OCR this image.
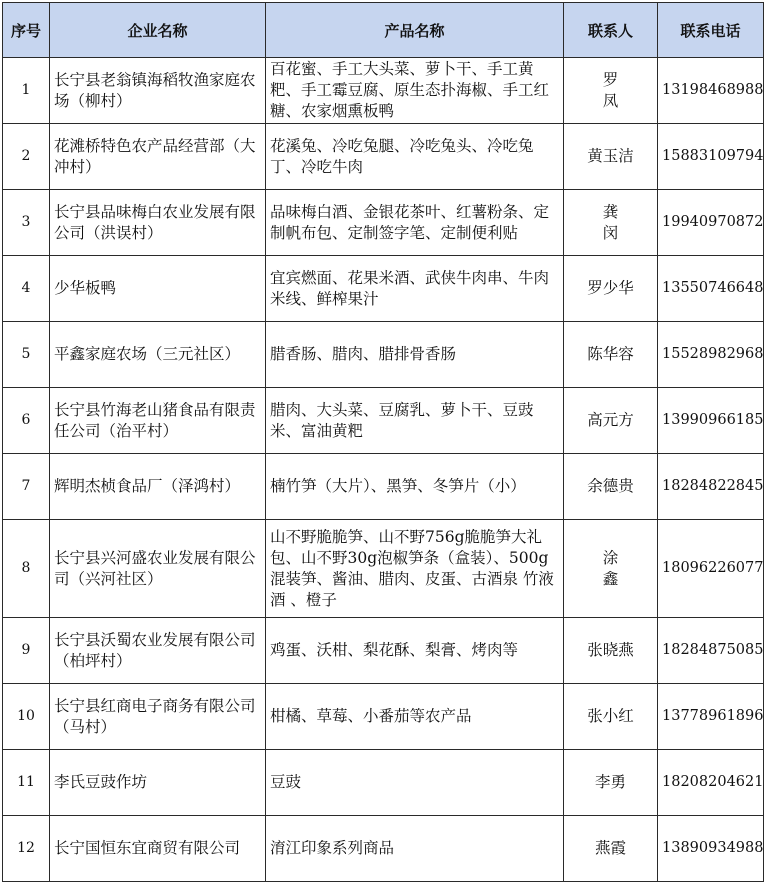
序号	企业名称	产品名称	联系人	联系电话
1	长宁县老翁镇海稻牧渔家庭农场（柳村）	百花蜜、手工大头菜、萝卜干、手工黄粑、手工霉豆腐、原生态扑海椒、手工红糖、农家烟熏板鸭	罗 凤	13198468988
2	花滩桥特色农产品经营部（大冲村）	花溪兔、冷吃兔腿、冷吃兔头、冷吃兔丁、冷吃牛肉	黄玉洁	15883109794
3	长宁县品味梅白农业发展有限公司（洪误村）	品味梅白酒、金银花茶叶、红薯粉条、定制帆布包、定制签字笔、定制便利贴	龚 闵	19940970872
4	少华板鸭	宜宾燃面、花果米酒、武侠牛肉串、牛肉米线、鲜榨果汁	罗少华	13550746648
5	平鑫家庭农场（三元社区）	腊香肠、腊肉、腊排骨香肠	陈华容	15528982968
6	长宁县竹海老山猪食品有限责任公司（治平村）	腊肉、大头菜、豆腐乳、萝卜干、豆豉米、富油黄粑	高元方	13990966185
7	辉明杰桢食品厂（泽鸿村）	楠竹笋（大片）、黑笋、冬笋片（小）	余德贵	18284822845
8	长宁县兴河盛农业发展有限公司（兴河社区）	山不野脆脆笋、山不野756g脆脆笋大礼包、山不野30g泡椒笋条（盒装）、500g混装笋、酱油、腊肉、皮蛋、古酒泉 竹液酒 、橙子	涂 鑫	18096226077
9	长宁县沃蜀农业发展有限公司（柏坪村）	鸡蛋、沃柑、梨花酥、梨膏、烤肉等	张晓燕	18284875085
10	长宁县红商电子商务有限公司（马村）	柑橘、草莓、小番茄等农产品	张小红	13778961896
11	李氏豆豉作坊	豆豉	李勇	18208204621
12	长宁国恒东宜商贸有限公司	淯江印象系列商品	燕霞	13890934988
